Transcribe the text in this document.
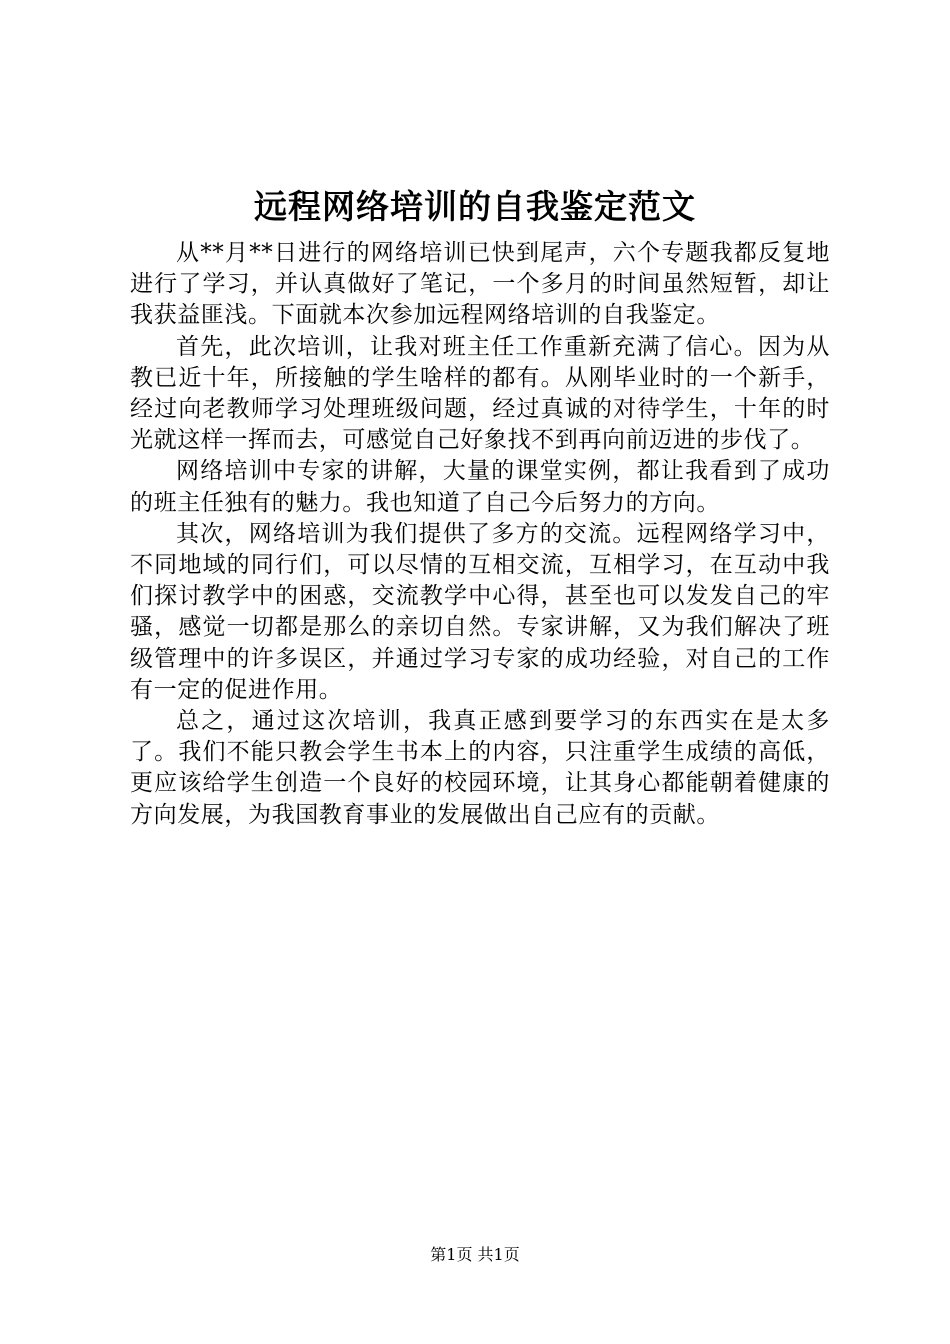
远程网络培训的自我鉴定范文

从**月**日进行的网络培训已快到尾声，六个专题我都反复地进行了学习，并认真做好了笔记，一个多月的时间虽然短暂，却让我获益匪浅。下面就本次参加远程网络培训的自我鉴定。

首先，此次培训，让我对班主任工作重新充满了信心。因为从教已近十年，所接触的学生啥样的都有。从刚毕业时的一个新手，经过向老教师学习处理班级问题，经过真诚的对待学生，十年的时光就这样一挥而去，可感觉自己好象找不到再向前迈进的步伐了。

网络培训中专家的讲解，大量的课堂实例，都让我看到了成功的班主任独有的魅力。我也知道了自己今后努力的方向。

其次，网络培训为我们提供了多方的交流。远程网络学习中，不同地域的同行们，可以尽情的互相交流，互相学习，在互动中我们探讨教学中的困惑，交流教学中心得，甚至也可以发发自己的牢骚，感觉一切都是那么的亲切自然。专家讲解，又为我们解决了班级管理中的许多误区，并通过学习专家的成功经验，对自己的工作有一定的促进作用。

总之，通过这次培训，我真正感到要学习的东西实在是太多了。我们不能只教会学生书本上的内容，只注重学生成绩的高低，更应该给学生创造一个良好的校园环境，让其身心都能朝着健康的方向发展，为我国教育事业的发展做出自己应有的贡献。

第1页 共1页
